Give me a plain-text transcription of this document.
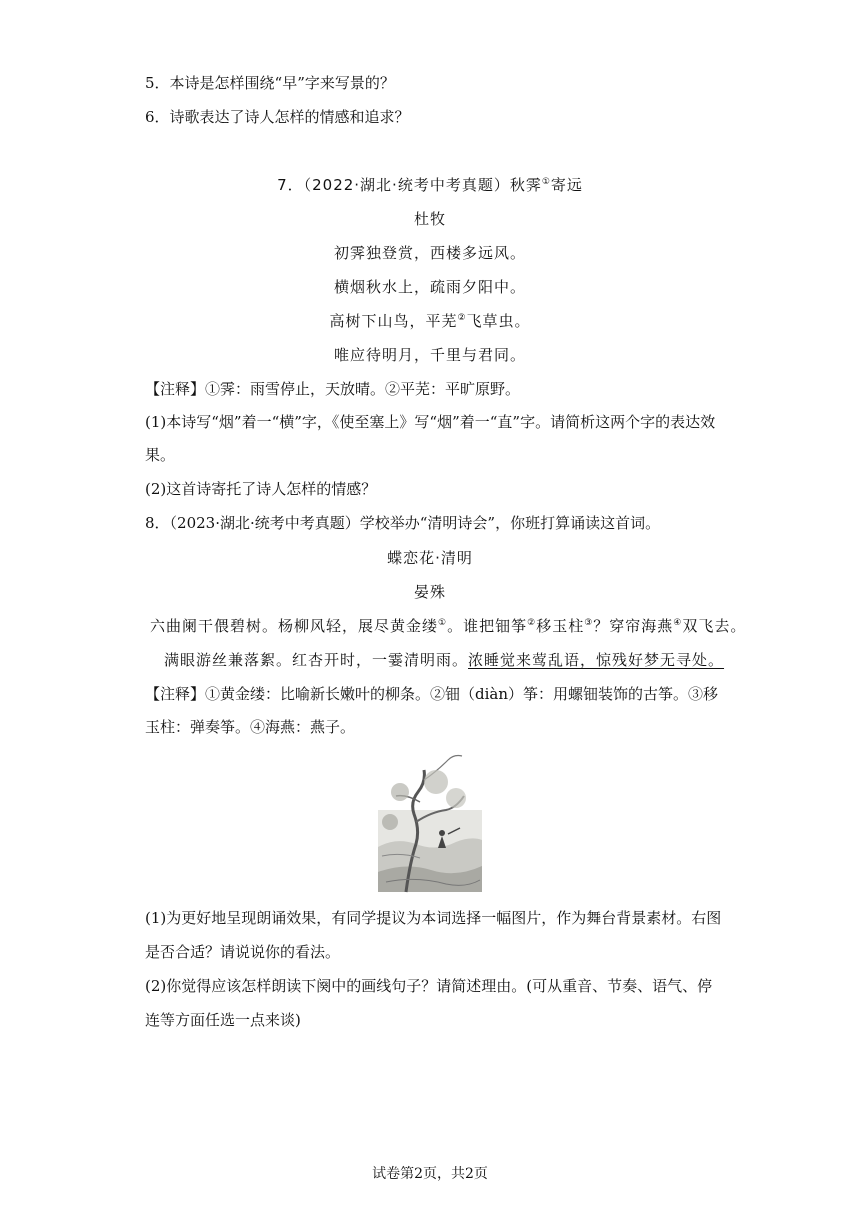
5．本诗是怎样围绕“早”字来写景的？
6．诗歌表达了诗人怎样的情感和追求？
7．（2022·湖北·统考中考真题）秋霁①寄远
杜牧
初霁独登赏，西楼多远风。
横烟秋水上，疏雨夕阳中。
高树下山鸟，平芜②飞草虫。
唯应待明月，千里与君同。
【注释】①霁：雨雪停止，天放晴。②平芜：平旷原野。
(1)本诗写“烟”着一“横”字，《使至塞上》写“烟”着一“直”字。请简析这两个字的表达效
果。
(2)这首诗寄托了诗人怎样的情感？
8．（2023·湖北·统考中考真题）学校举办“清明诗会”，你班打算诵读这首词。
蝶恋花·清明
晏殊
六曲阑干偎碧树。杨柳风轻，展尽黄金缕①。谁把钿筝②移玉柱③？穿帘海燕④双飞去。
满眼游丝兼落絮。红杏开时，一霎清明雨。浓睡觉来莺乱语，惊残好梦无寻处。
【注释】①黄金缕：比喻新长嫩叶的柳条。②钿（diàn）筝：用螺钿装饰的古筝。③移
玉柱：弹奏筝。④海燕：燕子。
(1)为更好地呈现朗诵效果，有同学提议为本词选择一幅图片，作为舞台背景素材。右图
是否合适？请说说你的看法。
(2)你觉得应该怎样朗读下阕中的画线句子？请简述理由。(可从重音、节奏、语气、停
连等方面任选一点来谈)
试卷第2页，共2页
